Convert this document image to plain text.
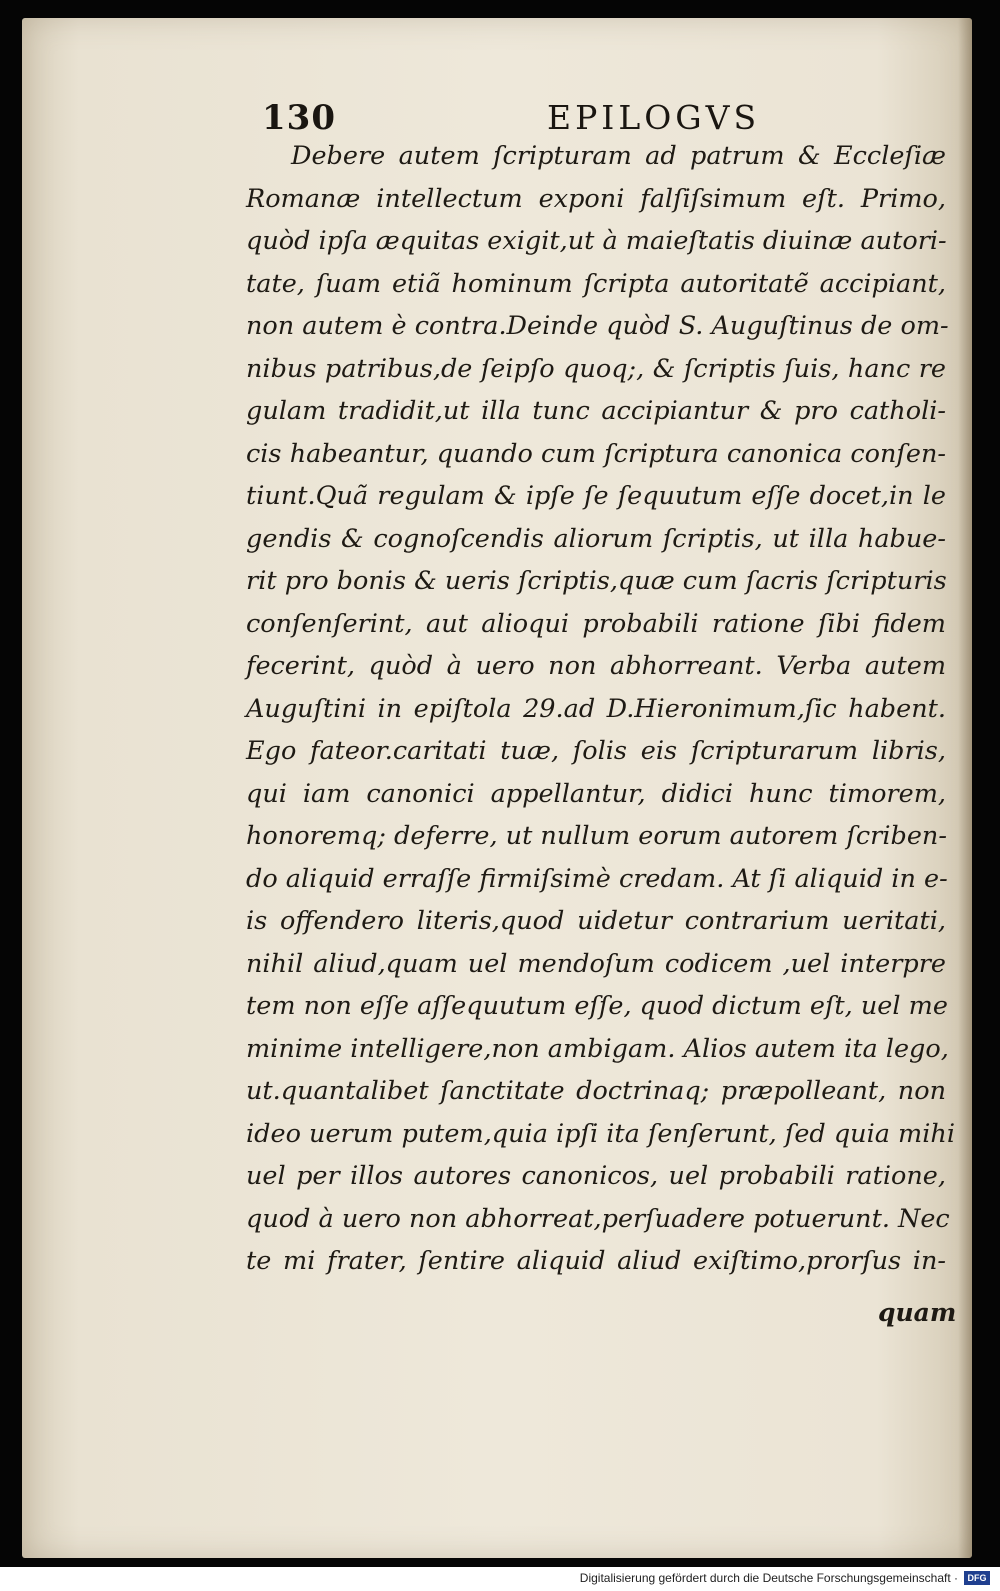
130	EPILOGVS
Debere autem ſcripturam ad patrum & Eccleſiæ
Romanæ intellectum exponi falſiſsimum eſt. Primo,
quòd ipſa æquitas exigit,ut à maieſtatis diuinæ autori-
tate, ſuam etiã hominum ſcripta autoritatẽ accipiant,
non autem è contra.Deinde quòd S. Auguſtinus de om-
nibus patribus,de ſeipſo quoq;, & ſcriptis ſuis, hanc re
gulam tradidit,ut illa tunc accipiantur & pro catholi-
cis habeantur, quando cum ſcriptura canonica conſen-
tiunt.Quã regulam & ipſe ſe ſequutum eſſe docet,in le
gendis & cognoſcendis aliorum ſcriptis, ut illa habue-
rit pro bonis & ueris ſcriptis,quæ cum ſacris ſcripturis
conſenſerint, aut alioqui probabili ratione ſibi fidem
fecerint, quòd à uero non abhorreant. Verba autem
Auguſtini in epiſtola 29.ad D.Hieronimum,ſic habent.
Ego fateor.caritati tuæ, ſolis eis ſcripturarum libris,
qui iam canonici appellantur, didici hunc timorem,
honoremq; deferre, ut nullum eorum autorem ſcriben-
do aliquid erraſſe firmiſsimè credam. At ſi aliquid in e-
is offendero literis,quod uidetur contrarium ueritati,
nihil aliud,quam uel mendoſum codicem ,uel interpre
tem non eſſe aſſequutum eſſe, quod dictum eſt, uel me
minime intelligere,non ambigam. Alios autem ita lego,
ut.quantalibet ſanctitate doctrinaq; præpolleant, non
ideo uerum putem,quia ipſi ita ſenſerunt, ſed quia mihi
uel per illos autores canonicos, uel probabili ratione,
quod à uero non abhorreat,perſuadere potuerunt. Nec
te mi frater, ſentire aliquid aliud exiſtimo,prorſus in-
quam
Digitalisierung gefördert durch die Deutsche Forschungsgemeinschaft ·	DFG
